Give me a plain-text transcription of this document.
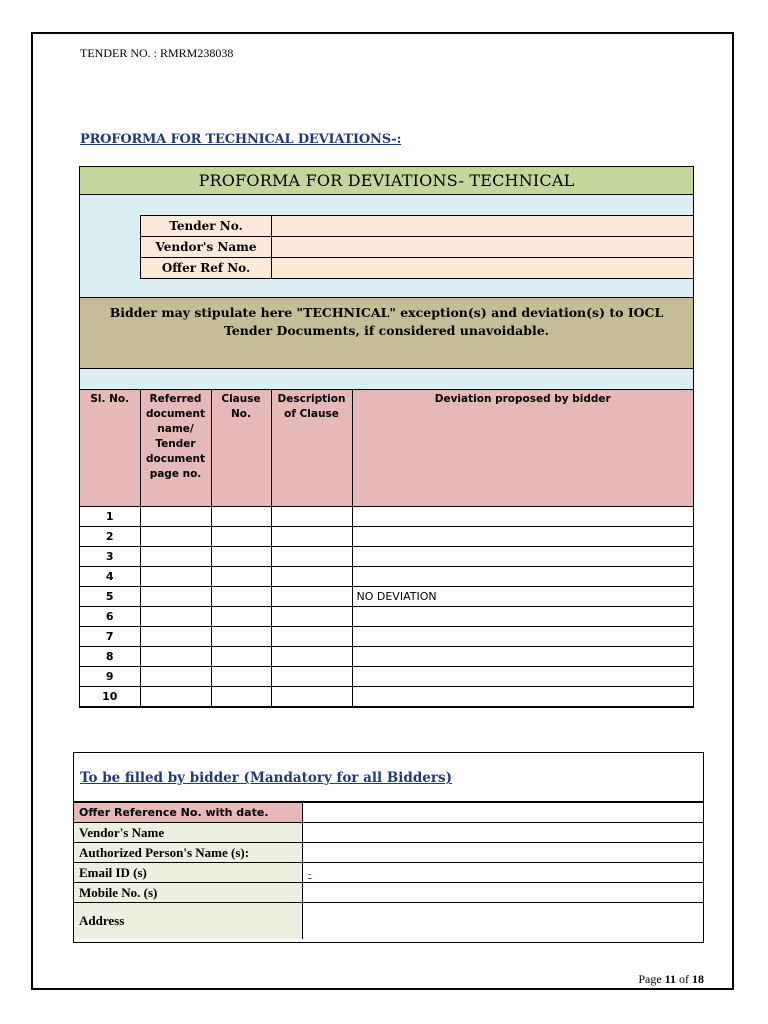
TENDER NO. : RMRM238038
PROFORMA FOR TECHNICAL DEVIATIONS-:
PROFORMA FOR DEVIATIONS- TECHNICAL
Tender No.	
Vendor's Name	
Offer Ref No.	
Bidder may stipulate here "TECHNICAL" exception(s) and deviation(s) to IOCL Tender Documents, if considered unavoidable.
Sl. No.	Referred document name/ Tender document page no.	Clause No.	Description of Clause	Deviation proposed by bidder
1				
2				
3				
4				
5				NO DEVIATION
6				
7				
8				
9				
10				
To be filled by bidder (Mandatory for all Bidders)
Offer Reference No. with date.	
Vendor's Name	
Authorized Person's Name (s):	
Email ID (s)	-
Mobile No. (s)	
Address	
Page 11 of 18
